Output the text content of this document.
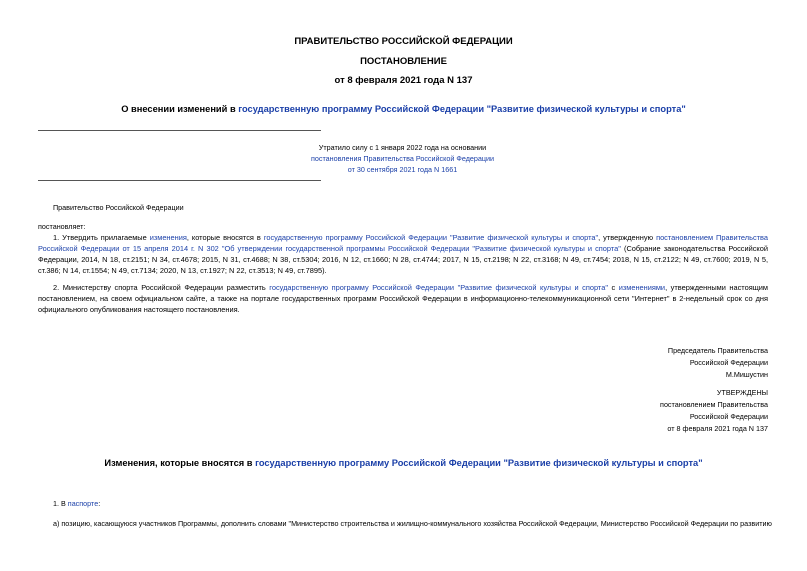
ПРАВИТЕЛЬСТВО РОССИЙСКОЙ ФЕДЕРАЦИИ
ПОСТАНОВЛЕНИЕ
от 8 февраля 2021 года N 137
О внесении изменений в государственную программу Российской Федерации "Развитие физической культуры и спорта"
Утратило силу с 1 января 2022 года на основании
постановления Правительства Российской Федерации
от 30 сентября 2021 года N 1661
Правительство Российской Федерации
постановляет:
1. Утвердить прилагаемые изменения, которые вносятся в государственную программу Российской Федерации "Развитие физической культуры и спорта", утвержденную постановлением Правительства Российской Федерации от 15 апреля 2014 г. N 302 "Об утверждении государственной программы Российской Федерации "Развитие физической культуры и спорта" (Собрание законодательства Российской Федерации, 2014, N 18, ст.2151; N 34, ст.4678; 2015, N 31, ст.4688; N 38, ст.5304; 2016, N 12, ст.1660; N 28, ст.4744; 2017, N 15, ст.2198; N 22, ст.3168; N 49, ст.7454; 2018, N 15, ст.2122; N 49, ст.7600; 2019, N 5, ст.386; N 14, ст.1554; N 49, ст.7134; 2020, N 13, ст.1927; N 22, ст.3513; N 49, ст.7895).
2. Министерству спорта Российской Федерации разместить государственную программу Российской Федерации "Развитие физической культуры и спорта" с изменениями, утвержденными настоящим постановлением, на своем официальном сайте, а также на портале государственных программ Российской Федерации в информационно-телекоммуникационной сети "Интернет" в 2-недельный срок со дня официального опубликования настоящего постановления.
Председатель Правительства
Российской Федерации
М.Мишустин
УТВЕРЖДЕНЫ
постановлением Правительства
Российской Федерации
от 8 февраля 2021 года N 137
Изменения, которые вносятся в государственную программу Российской Федерации "Развитие физической культуры и спорта"
1. В паспорте:
а) позицию, касающуюся участников Программы, дополнить словами "Министерство строительства и жилищно-коммунального хозяйства Российской Федерации, Министерство Российской Федерации по развитию
